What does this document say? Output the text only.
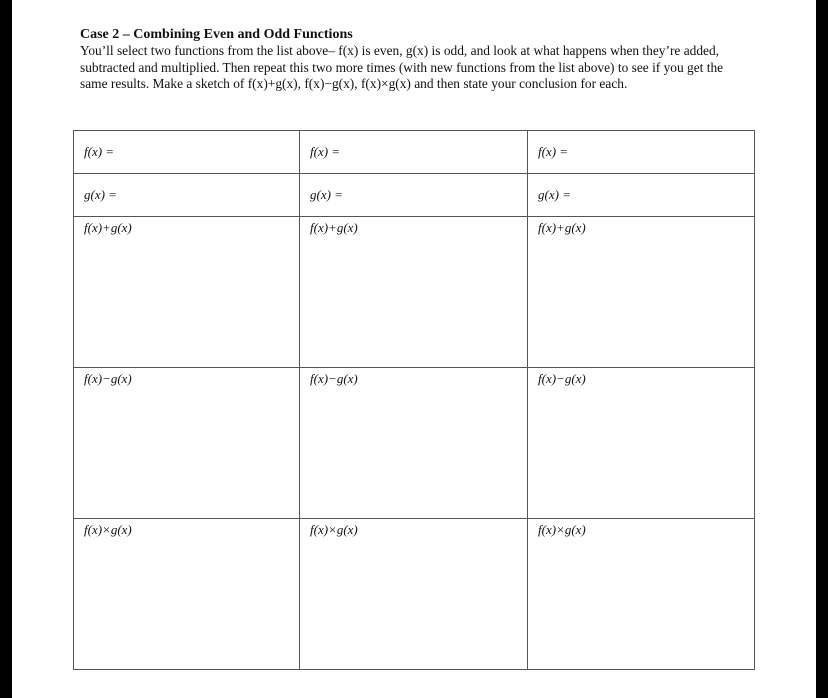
Case 2 – Combining Even and Odd Functions

You’ll select two functions from the list above– f(x) is even, g(x) is odd, and look at what happens when they’re added, subtracted and multiplied. Then repeat this two more times (with new functions from the list above) to see if you get the same results. Make a sketch of f(x)+g(x), f(x)−g(x), f(x)×g(x) and then state your conclusion for each.

f(x) =	f(x) =	f(x) =
g(x) =	g(x) =	g(x) =
f(x)+g(x)	f(x)+g(x)	f(x)+g(x)
f(x)−g(x)	f(x)−g(x)	f(x)−g(x)
f(x)×g(x)	f(x)×g(x)	f(x)×g(x)
